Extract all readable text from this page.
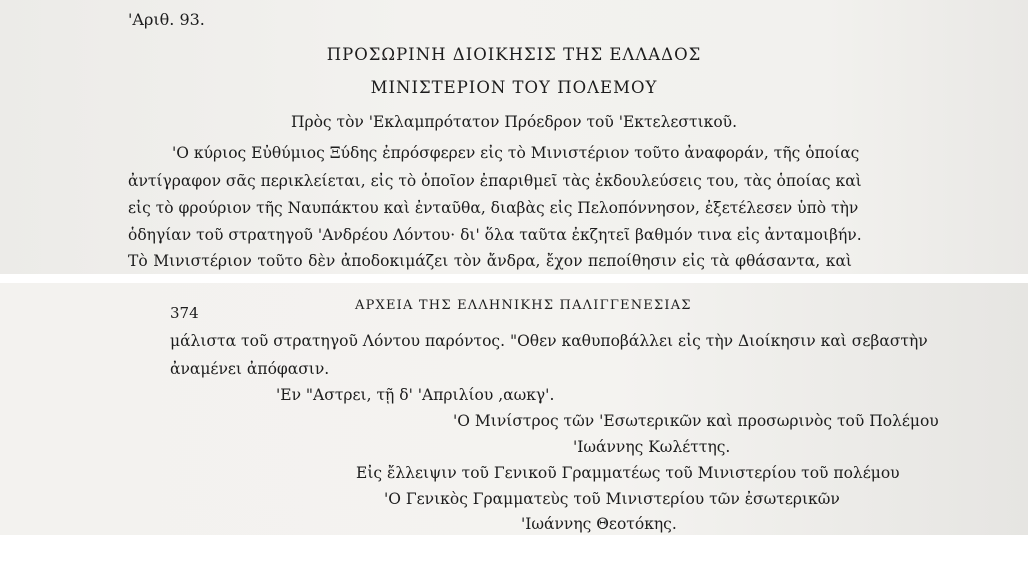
'Αριθ. 93.
ΠΡΟΣΩΡΙΝΗ ΔΙΟΙΚΗΣΙΣ ΤΗΣ ΕΛΛΑΔΟΣ
ΜΙΝΙΣΤΕΡΙΟΝ ΤΟΥ ΠΟΛΕΜΟΥ
Πρὸς τὸν 'Εκλαμπρότατον Πρόεδρον τοῦ 'Εκτελεστικοῦ.
'Ο κύριος Εὐθύμιος Ξύδης ἐπρόσφερεν εἰς τὸ Μινιστέριον τοῦτο ἀναφοράν, τῆς ὁποίας
ἀντίγραφον σᾶς περικλείεται, εἰς τὸ ὁποῖον ἐπαριθμεῖ τὰς ἐκδουλεύσεις του, τὰς ὁποίας καὶ
εἰς τὸ φρούριον τῆς Ναυπάκτου καὶ ἐνταῦθα, διαβὰς εἰς Πελοπόννησον, ἐξετέλεσεν ὑπὸ τὴν
ὁδηγίαν τοῦ στρατηγοῦ 'Ανδρέου Λόντου· δι' ὅλα ταῦτα ἐκζητεῖ βαθμόν τινα εἰς ἀνταμοιβήν.
Τὸ Μινιστέριον τοῦτο δὲν ἀποδοκιμάζει τὸν ἄνδρα, ἔχον πεποίθησιν εἰς τὰ φθάσαντα, καὶ
374	ΑΡΧΕΙΑ ΤΗΣ ΕΛΛΗΝΙΚΗΣ ΠΑΛΙΓΓΕΝΕΣΙΑΣ
μάλιστα τοῦ στρατηγοῦ Λόντου παρόντος. "Οθεν καθυποβάλλει εἰς τὴν Διοίκησιν καὶ σεβαστὴν
ἀναμένει ἀπόφασιν.
'Εν "Αστρει, τῇ δ' 'Απριλίου ,αωκγ'.
'Ο Μινίστρος τῶν 'Εσωτερικῶν καὶ προσωρινὸς τοῦ Πολέμου
'Ιωάννης Κωλέττης.
Εἰς ἔλλειψιν τοῦ Γενικοῦ Γραμματέως τοῦ Μινιστερίου τοῦ πολέμου
'Ο Γενικὸς Γραμματεὺς τοῦ Μινιστερίου τῶν ἐσωτερικῶν
'Ιωάννης Θεοτόκης.
